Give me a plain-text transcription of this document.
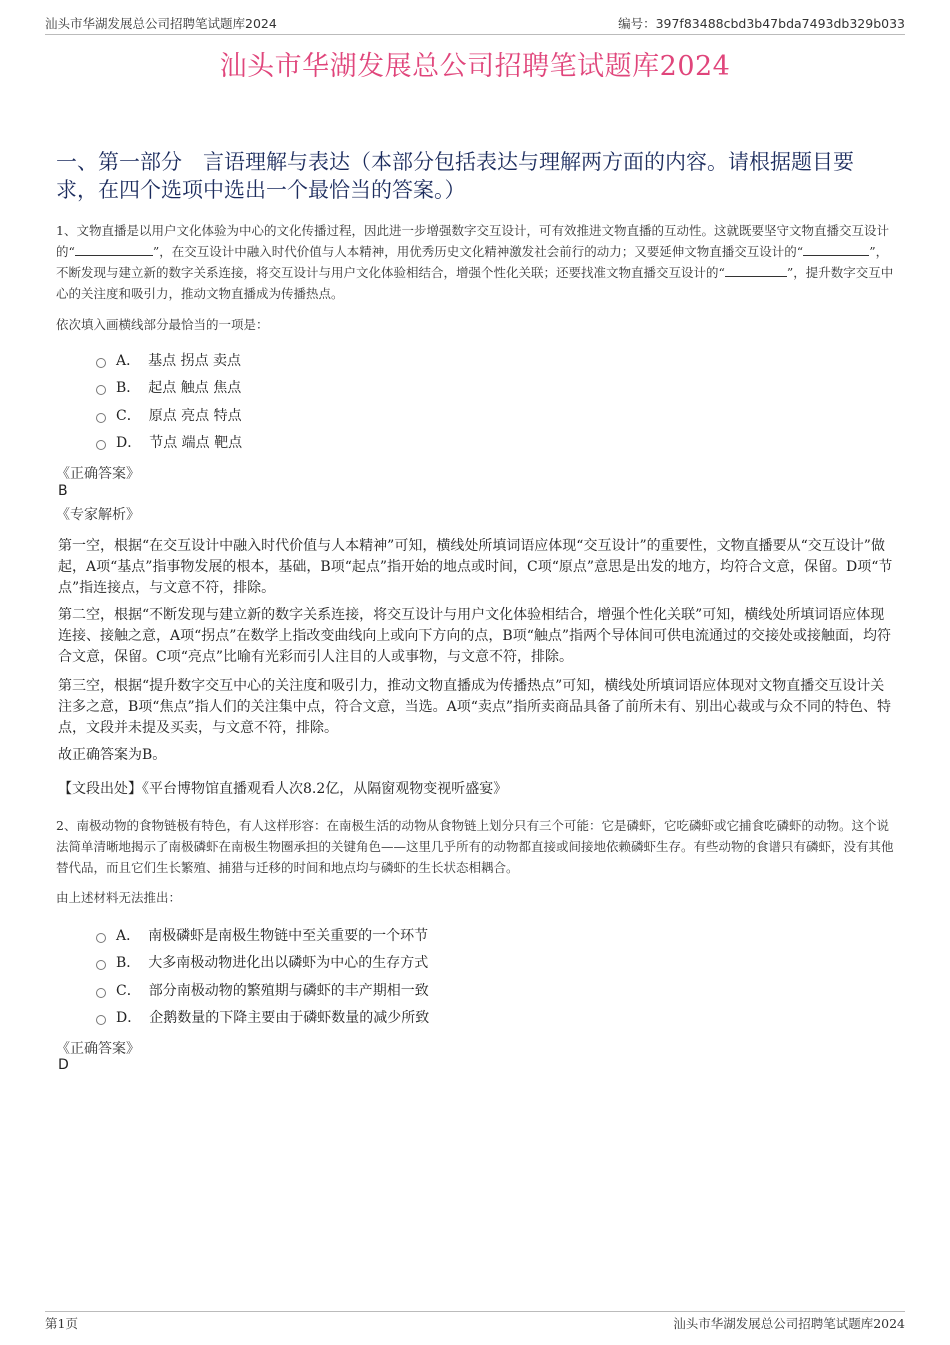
汕头市华湖发展总公司招聘笔试题库2024	编号：397f83488cbd3b47bda7493db329b033
汕头市华湖发展总公司招聘笔试题库2024
一、第一部分　言语理解与表达（本部分包括表达与理解两方面的内容。请根据题目要求，在四个选项中选出一个最恰当的答案。）
1、文物直播是以用户文化体验为中心的文化传播过程，因此进一步增强数字交互设计，可有效推进文物直播的互动性。这就既要坚守文物直播交互设计的“	”，在交互设计中融入时代价值与人本精神，用优秀历史文化精神激发社会前行的动力；又要延伸文物直播交互设计的“	”，不断发现与建立新的数字关系连接，将交互设计与用户文化体验相结合，增强个性化关联；还要找准文物直播交互设计的“	”，提升数字交互中心的关注度和吸引力，推动文物直播成为传播热点。
依次填入画横线部分最恰当的一项是：
A． 基点 拐点 卖点
B． 起点 触点 焦点
C． 原点 亮点 特点
D． 节点 端点 靶点
《正确答案》
B
《专家解析》
第一空，根据“在交互设计中融入时代价值与人本精神”可知，横线处所填词语应体现“交互设计”的重要性，文物直播要从“交互设计”做起，A项“基点”指事物发展的根本，基础，B项“起点”指开始的地点或时间，C项“原点”意思是出发的地方，均符合文意，保留。D项“节点”指连接点，与文意不符，排除。
第二空，根据“不断发现与建立新的数字关系连接，将交互设计与用户文化体验相结合，增强个性化关联”可知，横线处所填词语应体现连接、接触之意，A项“拐点”在数学上指改变曲线向上或向下方向的点，B项“触点”指两个导体间可供电流通过的交接处或接触面，均符合文意，保留。C项“亮点”比喻有光彩而引人注目的人或事物，与文意不符，排除。
第三空，根据“提升数字交互中心的关注度和吸引力，推动文物直播成为传播热点”可知，横线处所填词语应体现对文物直播交互设计关注多之意，B项“焦点”指人们的关注集中点，符合文意，当选。A项“卖点”指所卖商品具备了前所未有、别出心裁或与众不同的特色、特点，文段并未提及买卖，与文意不符，排除。
故正确答案为B。
【文段出处】《平台博物馆直播观看人次8.2亿，从隔窗观物变视听盛宴》
2、南极动物的食物链极有特色，有人这样形容：在南极生活的动物从食物链上划分只有三个可能：它是磷虾，它吃磷虾或它捕食吃磷虾的动物。这个说法简单清晰地揭示了南极磷虾在南极生物圈承担的关键角色——这里几乎所有的动物都直接或间接地依赖磷虾生存。有些动物的食谱只有磷虾，没有其他替代品，而且它们生长繁殖、捕猎与迁移的时间和地点均与磷虾的生长状态相耦合。
由上述材料无法推出：
A． 南极磷虾是南极生物链中至关重要的一个环节
B． 大多南极动物进化出以磷虾为中心的生存方式
C． 部分南极动物的繁殖期与磷虾的丰产期相一致
D． 企鹅数量的下降主要由于磷虾数量的减少所致
《正确答案》
D
第1页	汕头市华湖发展总公司招聘笔试题库2024
